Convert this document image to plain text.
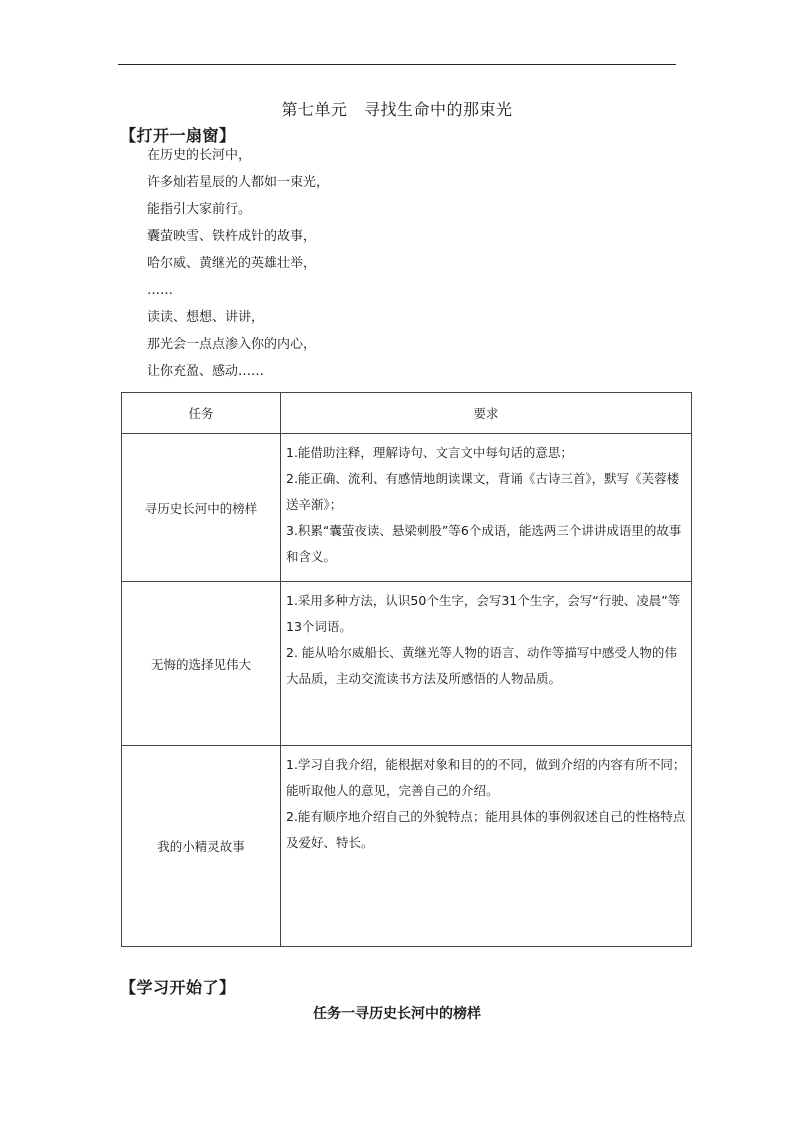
第七单元　寻找生命中的那束光
【打开一扇窗】
在历史的长河中，
许多灿若星辰的人都如一束光，
能指引大家前行。
囊萤映雪、铁杵成针的故事，
哈尔威、黄继光的英雄壮举，
……
读读、想想、讲讲，
那光会一点点渗入你的内心，
让你充盈、感动……
任务	要求
寻历史长河中的榜样	1.能借助注释，理解诗句、文言文中每句话的意思；
2.能正确、流利、有感情地朗读课文，背诵《古诗三首》，默写《芙蓉楼送辛渐》；
3.积累“囊萤夜读、悬梁刺股”等6个成语，能选两三个讲讲成语里的故事和含义。

无悔的选择见伟大	1.采用多种方法，认识50个生字，会写31个生字，会写“行驶、凌晨”等13个词语。
2. 能从哈尔威船长、黄继光等人物的语言、动作等描写中感受人物的伟大品质，主动交流读书方法及所感悟的人物品质。

我的小精灵故事	1.学习自我介绍，能根据对象和目的的不同，做到介绍的内容有所不同；能听取他人的意见，完善自己的介绍。
2.能有顺序地介绍自己的外貌特点；能用具体的事例叙述自己的性格特点及爱好、特长。
【学习开始了】
任务一寻历史长河中的榜样
